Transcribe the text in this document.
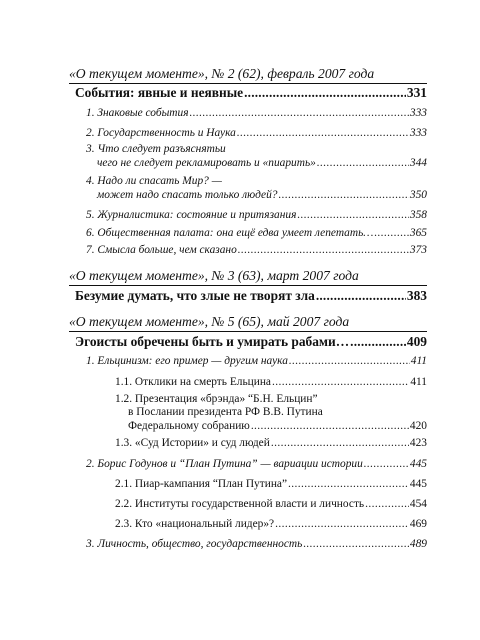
«О текущем моменте», № 2 (62), февраль 2007 года
События: явные и неявные .....	331
1. Знаковые события .....	333
2. Государственность и Наука .....	333
3. Что следует разъяснятьи
чего не следует рекламировать и «пиарить» .....	344
4. Надо ли спасать Мир? —
может надо спасать только людей? .....	350
5. Журналистика: состояние и притязания .....	358
6. Общественная палата: она ещё едва умеет лепетать… .....	365
7. Смысла больше, чем сказано .....	373
«О текущем моменте», № 3 (63), март 2007 года
Безумие думать, что злые не творят зла .....	383
«О текущем моменте», № 5 (65), май 2007 года
Эгоисты обречены быть и умирать рабами… .....	409
1. Ельцинизм: его пример — другим наука .....	411
1.1. Отклики на смерть Ельцина .....	411
1.2. Презентация «брэнда» “Б.Н. Ельцин”
в Послании президента РФ В.В. Путина
Федеральному собранию .....	420
1.3. «Суд Истории» и суд людей .....	423
2. Борис Годунов и “План Путина” — вариации истории .....	445
2.1. Пиар-кампания “План Путина” .....	445
2.2. Институты государственной власти и личность .....	454
2.3. Кто «национальный лидер»? .....	469
3. Личность, общество, государственность .....	489
